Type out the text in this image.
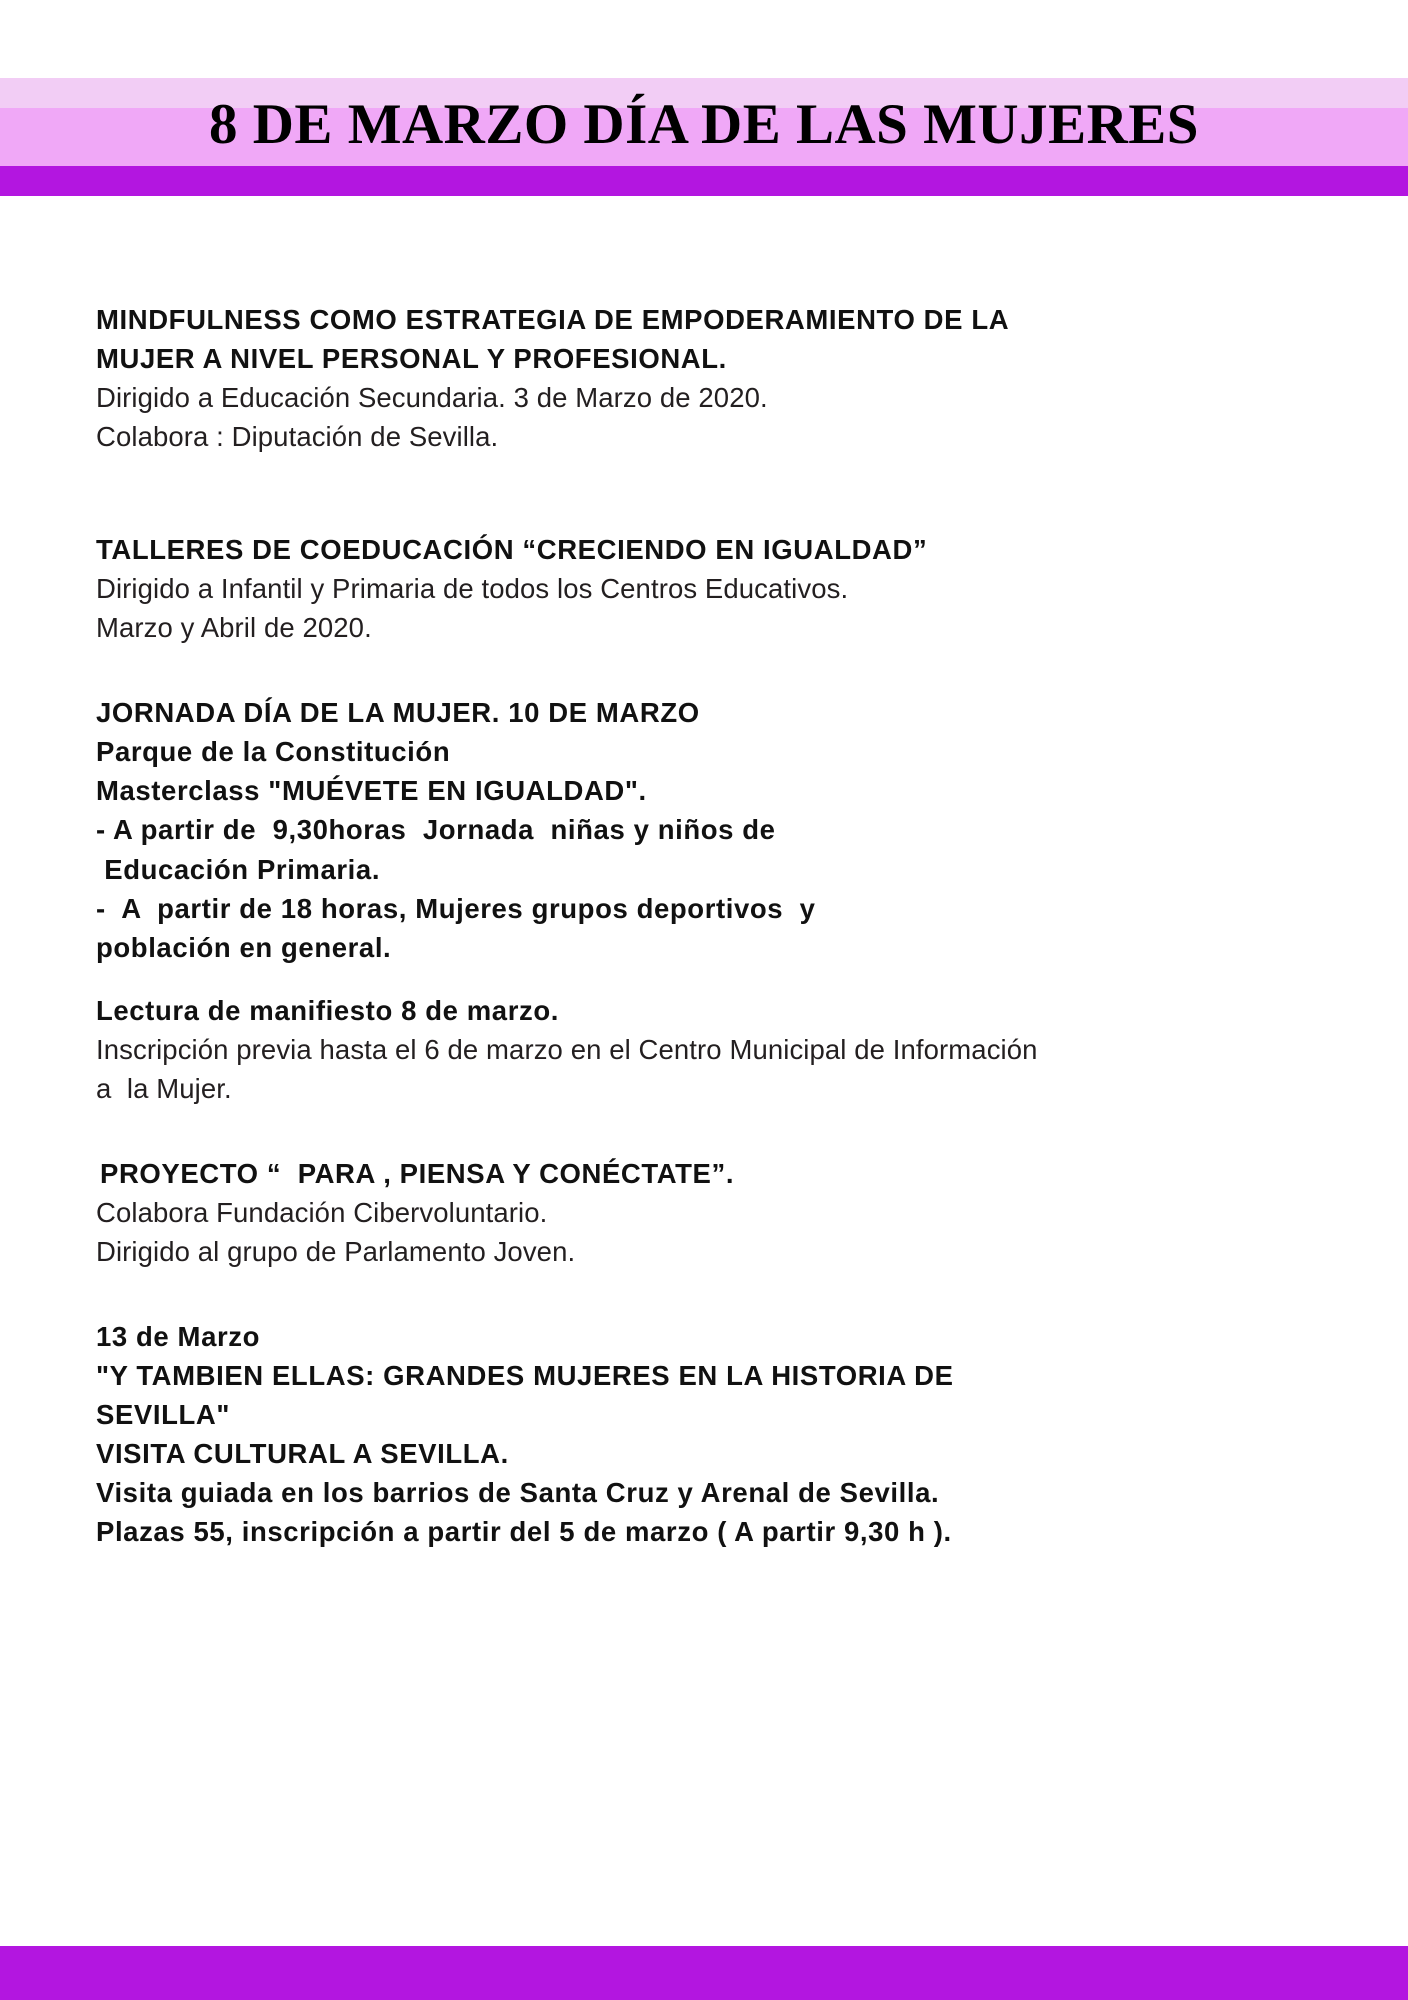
8 DE MARZO DÍA DE LAS MUJERES
MINDFULNESS COMO ESTRATEGIA DE EMPODERAMIENTO DE LA
MUJER A NIVEL PERSONAL Y PROFESIONAL.
Dirigido a Educación Secundaria. 3 de Marzo de 2020.
Colabora : Diputación de Sevilla.
TALLERES DE COEDUCACIÓN “CRECIENDO EN IGUALDAD”
Dirigido a Infantil y Primaria de todos los Centros Educativos.
Marzo y Abril de 2020.
JORNADA DÍA DE LA MUJER. 10 DE MARZO
Parque de la Constitución
Masterclass "MUÉVETE EN IGUALDAD".
- A partir de  9,30horas  Jornada  niñas y niños de
Educación Primaria.
-  A  partir de 18 horas, Mujeres grupos deportivos  y
población en general.
Lectura de manifiesto 8 de marzo.
Inscripción previa hasta el 6 de marzo en el Centro Municipal de Información
a  la Mujer.
PROYECTO “  PARA , PIENSA Y CONÉCTATE”.
Colabora Fundación Cibervoluntario.
Dirigido al grupo de Parlamento Joven.
13 de Marzo
"Y TAMBIEN ELLAS: GRANDES MUJERES EN LA HISTORIA DE
SEVILLA"
VISITA CULTURAL A SEVILLA.
Visita guiada en los barrios de Santa Cruz y Arenal de Sevilla.
Plazas 55, inscripción a partir del 5 de marzo ( A partir 9,30 h ).
